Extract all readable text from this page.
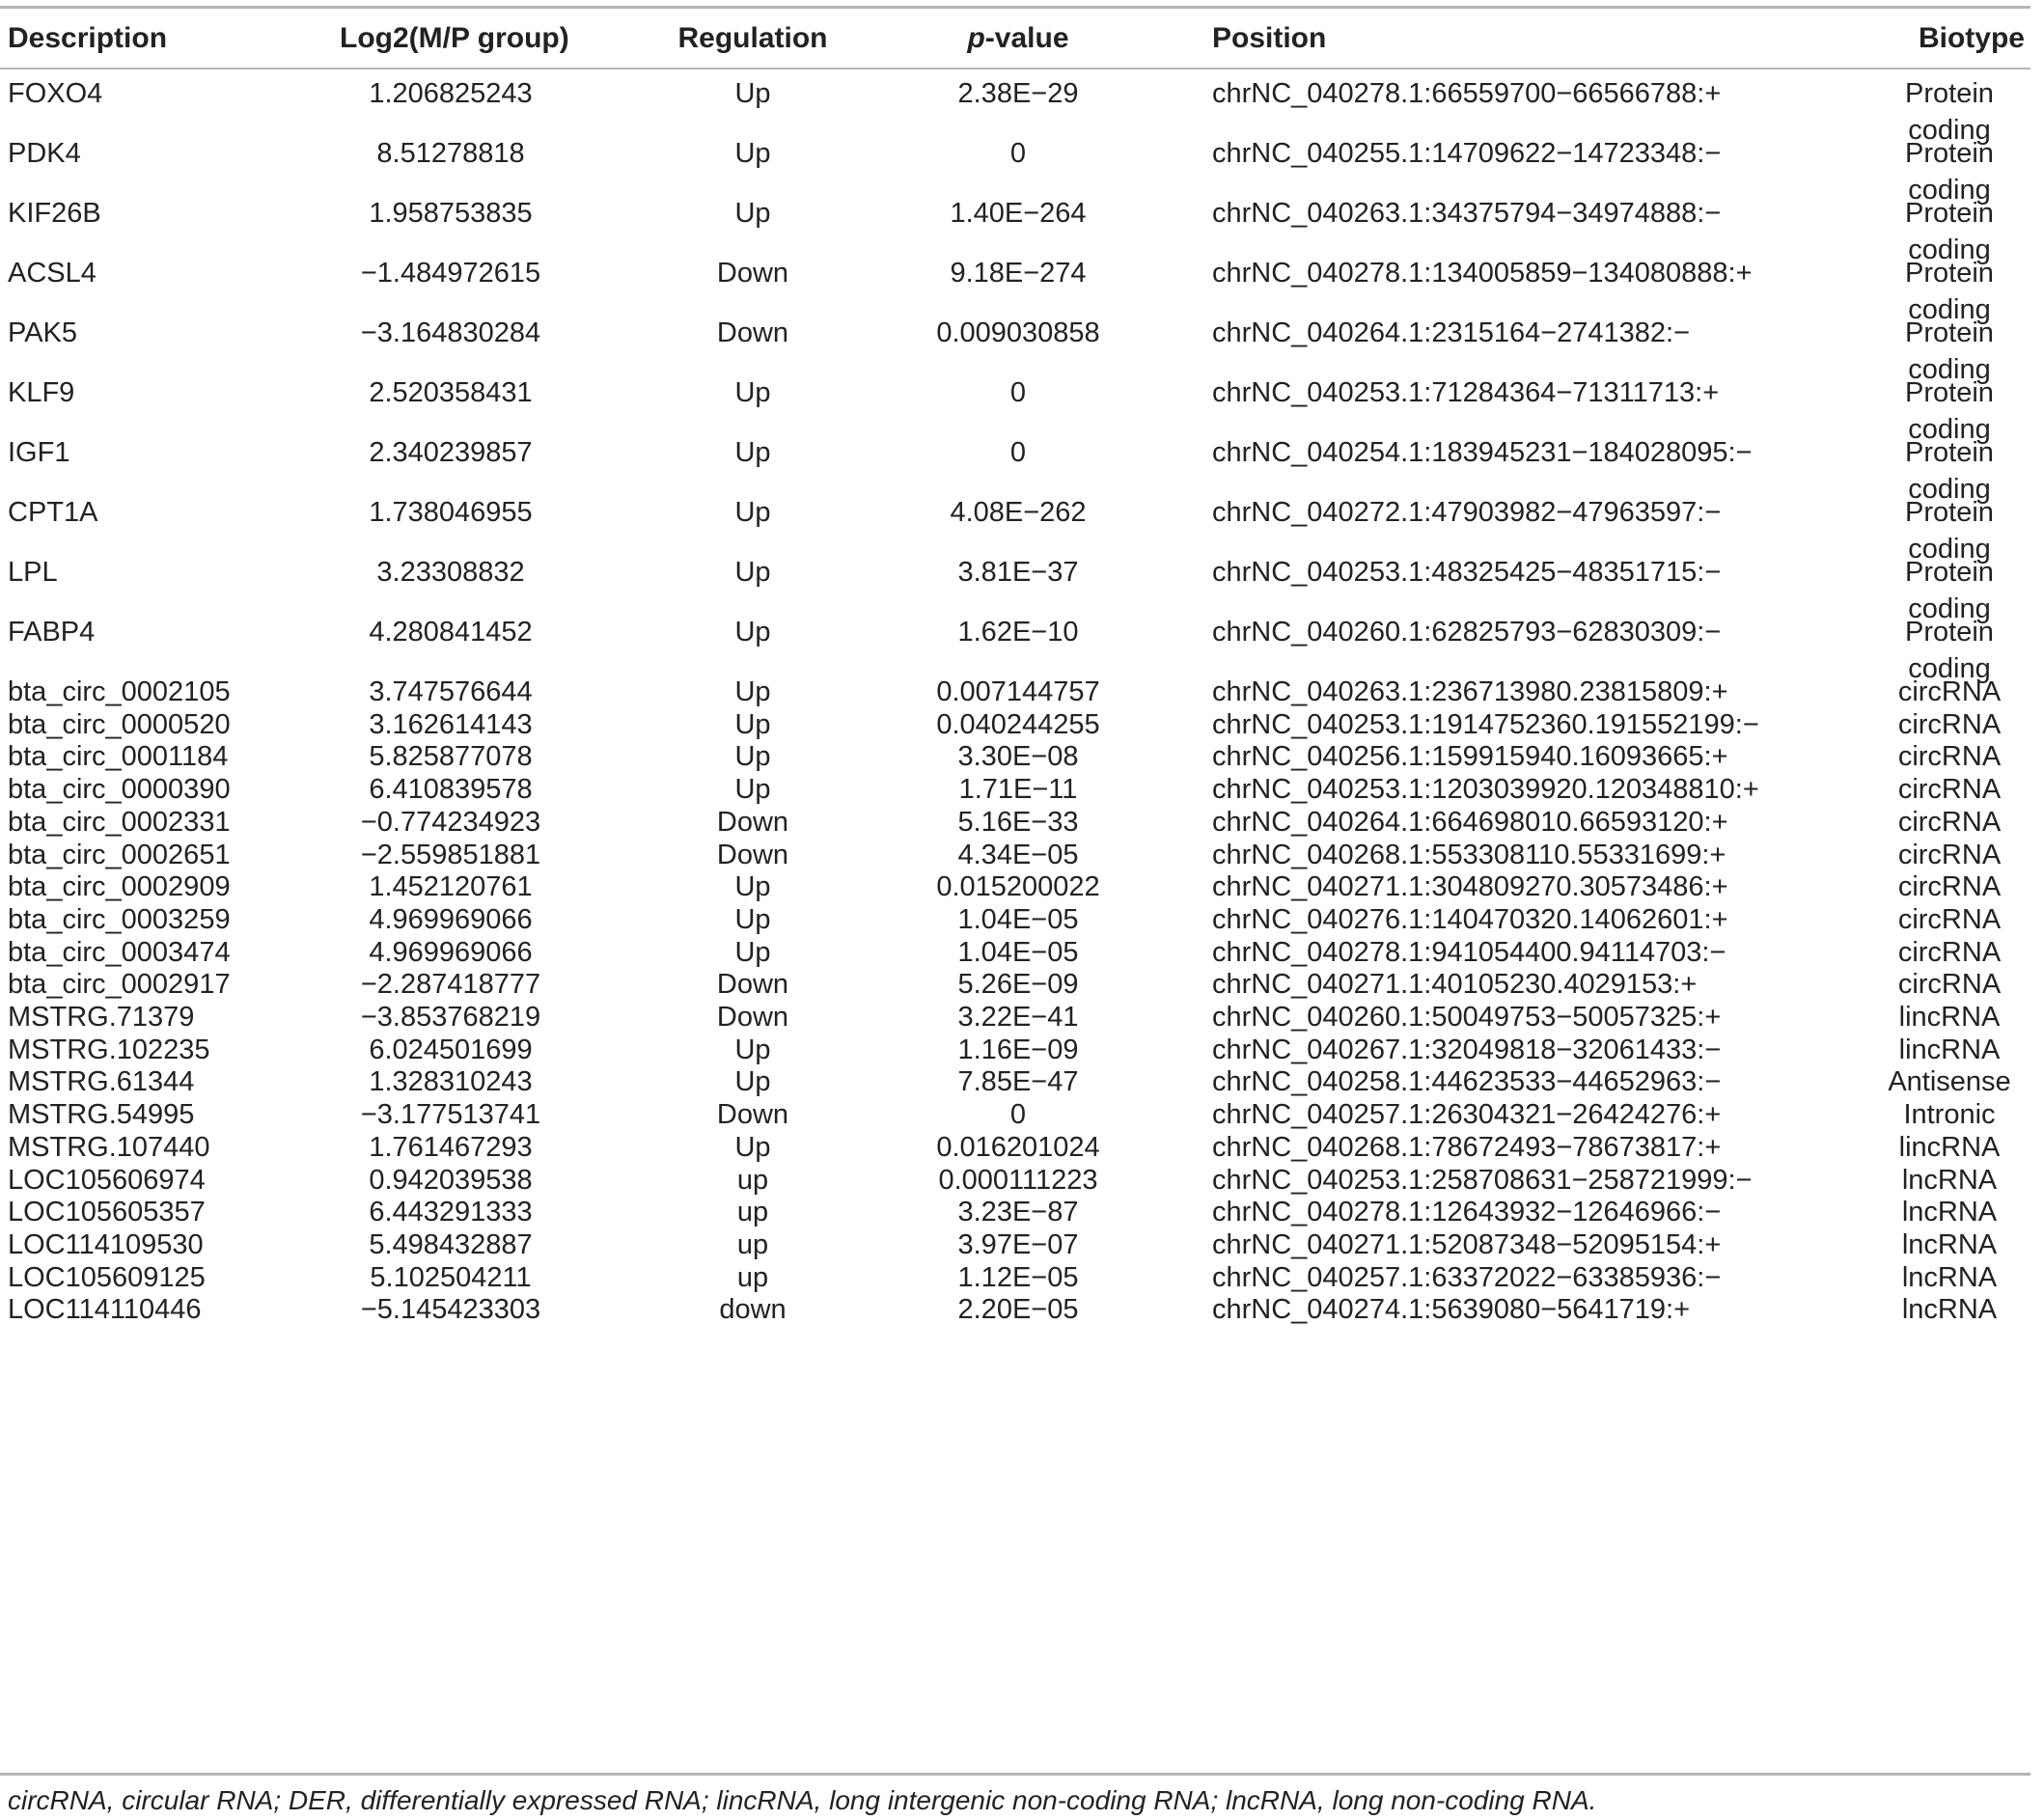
Description	Log2(M/P group)	Regulation	p-value	Position	Biotype
FOXO4	1.206825243	Up	2.38E−29	chrNC_040278.1:66559700−66566788:+	Protein coding
PDK4	8.51278818	Up	0	chrNC_040255.1:14709622−14723348:−	Protein coding
KIF26B	1.958753835	Up	1.40E−264	chrNC_040263.1:34375794−34974888:−	Protein coding
ACSL4	−1.484972615	Down	9.18E−274	chrNC_040278.1:134005859−134080888:+	Protein coding
PAK5	−3.164830284	Down	0.009030858	chrNC_040264.1:2315164−2741382:−	Protein coding
KLF9	2.520358431	Up	0	chrNC_040253.1:71284364−71311713:+	Protein coding
IGF1	2.340239857	Up	0	chrNC_040254.1:183945231−184028095:−	Protein coding
CPT1A	1.738046955	Up	4.08E−262	chrNC_040272.1:47903982−47963597:−	Protein coding
LPL	3.23308832	Up	3.81E−37	chrNC_040253.1:48325425−48351715:−	Protein coding
FABP4	4.280841452	Up	1.62E−10	chrNC_040260.1:62825793−62830309:−	Protein coding
bta_circ_0002105	3.747576644	Up	0.007144757	chrNC_040263.1:236713980.23815809:+	circRNA
bta_circ_0000520	3.162614143	Up	0.040244255	chrNC_040253.1:1914752360.191552199:−	circRNA
bta_circ_0001184	5.825877078	Up	3.30E−08	chrNC_040256.1:159915940.16093665:+	circRNA
bta_circ_0000390	6.410839578	Up	1.71E−11	chrNC_040253.1:1203039920.120348810:+	circRNA
bta_circ_0002331	−0.774234923	Down	5.16E−33	chrNC_040264.1:664698010.66593120:+	circRNA
bta_circ_0002651	−2.559851881	Down	4.34E−05	chrNC_040268.1:553308110.55331699:+	circRNA
bta_circ_0002909	1.452120761	Up	0.015200022	chrNC_040271.1:304809270.30573486:+	circRNA
bta_circ_0003259	4.969969066	Up	1.04E−05	chrNC_040276.1:140470320.14062601:+	circRNA
bta_circ_0003474	4.969969066	Up	1.04E−05	chrNC_040278.1:941054400.94114703:−	circRNA
bta_circ_0002917	−2.287418777	Down	5.26E−09	chrNC_040271.1:40105230.4029153:+	circRNA
MSTRG.71379	−3.853768219	Down	3.22E−41	chrNC_040260.1:50049753−50057325:+	lincRNA
MSTRG.102235	6.024501699	Up	1.16E−09	chrNC_040267.1:32049818−32061433:−	lincRNA
MSTRG.61344	1.328310243	Up	7.85E−47	chrNC_040258.1:44623533−44652963:−	Antisense
MSTRG.54995	−3.177513741	Down	0	chrNC_040257.1:26304321−26424276:+	Intronic
MSTRG.107440	1.761467293	Up	0.016201024	chrNC_040268.1:78672493−78673817:+	lincRNA
LOC105606974	0.942039538	up	0.000111223	chrNC_040253.1:258708631−258721999:−	lncRNA
LOC105605357	6.443291333	up	3.23E−87	chrNC_040278.1:12643932−12646966:−	lncRNA
LOC114109530	5.498432887	up	3.97E−07	chrNC_040271.1:52087348−52095154:+	lncRNA
LOC105609125	5.102504211	up	1.12E−05	chrNC_040257.1:63372022−63385936:−	lncRNA
LOC114110446	−5.145423303	down	2.20E−05	chrNC_040274.1:5639080−5641719:+	lncRNA
circRNA, circular RNA; DER, differentially expressed RNA; lincRNA, long intergenic non-coding RNA; lncRNA, long non-coding RNA.
